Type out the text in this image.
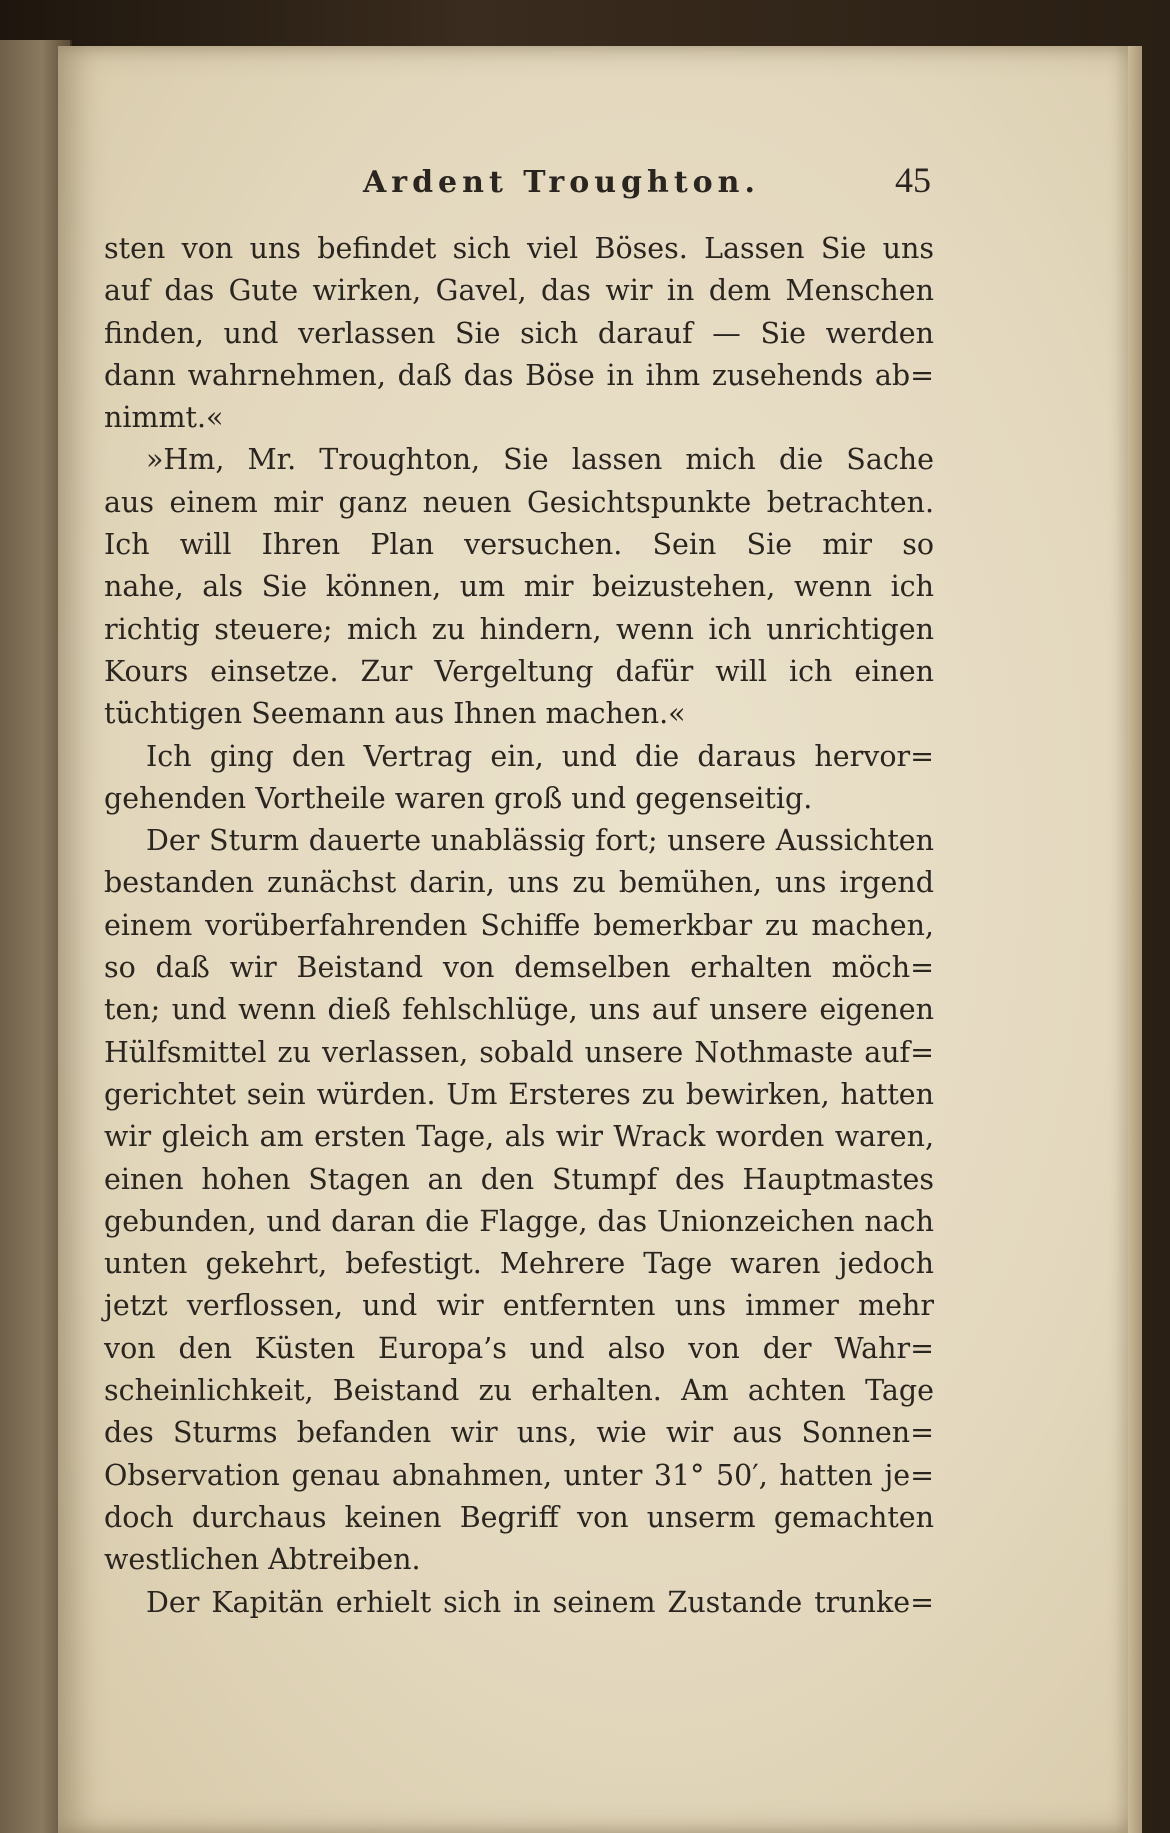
Ardent Troughton.	45
sten von uns befindet sich viel Böses. Lassen Sie uns
auf das Gute wirken, Gavel, das wir in dem Menschen
finden, und verlassen Sie sich darauf — Sie werden
dann wahrnehmen, daß das Böse in ihm zusehends ab=
nimmt.«
»Hm, Mr. Troughton, Sie lassen mich die Sache
aus einem mir ganz neuen Gesichtspunkte betrachten.
Ich will Ihren Plan versuchen. Sein Sie mir so
nahe, als Sie können, um mir beizustehen, wenn ich
richtig steuere; mich zu hindern, wenn ich unrichtigen
Kours einsetze. Zur Vergeltung dafür will ich einen
tüchtigen Seemann aus Ihnen machen.«
Ich ging den Vertrag ein, und die daraus hervor=
gehenden Vortheile waren groß und gegenseitig.
Der Sturm dauerte unablässig fort; unsere Aussichten
bestanden zunächst darin, uns zu bemühen, uns irgend
einem vorüberfahrenden Schiffe bemerkbar zu machen,
so daß wir Beistand von demselben erhalten möch=
ten; und wenn dieß fehlschlüge, uns auf unsere eigenen
Hülfsmittel zu verlassen, sobald unsere Nothmaste auf=
gerichtet sein würden. Um Ersteres zu bewirken, hatten
wir gleich am ersten Tage, als wir Wrack worden waren,
einen hohen Stagen an den Stumpf des Hauptmastes
gebunden, und daran die Flagge, das Unionzeichen nach
unten gekehrt, befestigt. Mehrere Tage waren jedoch
jetzt verflossen, und wir entfernten uns immer mehr
von den Küsten Europa’s und also von der Wahr=
scheinlichkeit, Beistand zu erhalten. Am achten Tage
des Sturms befanden wir uns, wie wir aus Sonnen=
Observation genau abnahmen, unter 31° 50′, hatten je=
doch durchaus keinen Begriff von unserm gemachten
westlichen Abtreiben.
Der Kapitän erhielt sich in seinem Zustande trunke=
